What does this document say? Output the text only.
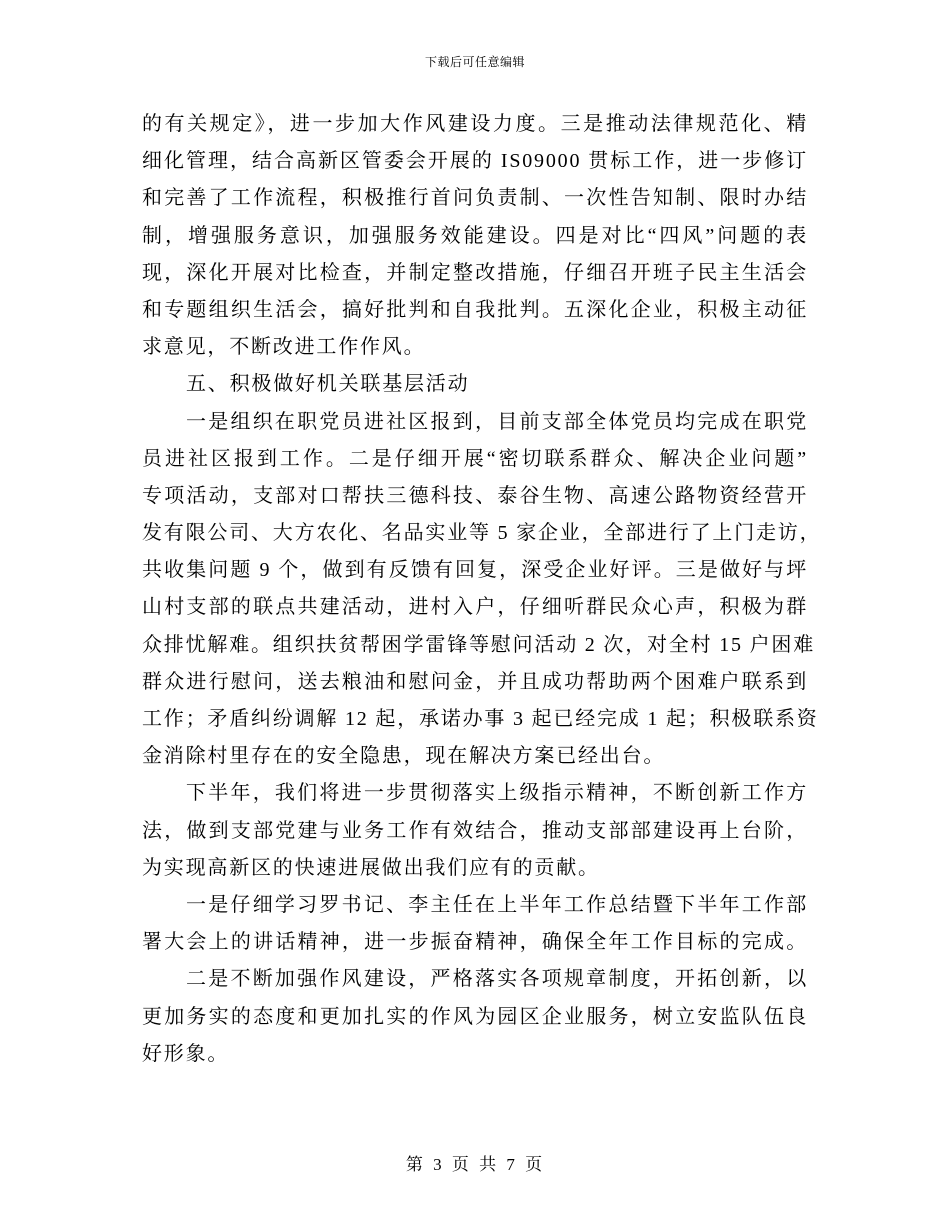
下载后可任意编辑
的有关规定》，进一步加大作风建设力度。三是推动法律规范化、精
细化管理，结合高新区管委会开展的 IS09000 贯标工作，进一步修订
和完善了工作流程，积极推行首问负责制、一次性告知制、限时办结
制，增强服务意识，加强服务效能建设。四是对比“四风”问题的表
现，深化开展对比检查，并制定整改措施，仔细召开班子民主生活会
和专题组织生活会，搞好批判和自我批判。五深化企业，积极主动征
求意见，不断改进工作作风。
五、积极做好机关联基层活动
一是组织在职党员进社区报到，目前支部全体党员均完成在职党
员进社区报到工作。二是仔细开展“密切联系群众、解决企业问题”
专项活动，支部对口帮扶三德科技、泰谷生物、高速公路物资经营开
发有限公司、大方农化、名品实业等 5 家企业，全部进行了上门走访，
共收集问题 9 个，做到有反馈有回复，深受企业好评。三是做好与坪
山村支部的联点共建活动，进村入户，仔细听群民众心声，积极为群
众排忧解难。组织扶贫帮困学雷锋等慰问活动 2 次，对全村 15 户困难
群众进行慰问，送去粮油和慰问金，并且成功帮助两个困难户联系到
工作；矛盾纠纷调解 12 起，承诺办事 3 起已经完成 1 起；积极联系资
金消除村里存在的安全隐患，现在解决方案已经出台。
下半年，我们将进一步贯彻落实上级指示精神，不断创新工作方
法，做到支部党建与业务工作有效结合，推动支部部建设再上台阶，
为实现高新区的快速进展做出我们应有的贡献。
一是仔细学习罗书记、李主任在上半年工作总结暨下半年工作部
署大会上的讲话精神，进一步振奋精神，确保全年工作目标的完成。
二是不断加强作风建设，严格落实各项规章制度，开拓创新，以
更加务实的态度和更加扎实的作风为园区企业服务，树立安监队伍良
好形象。
第 3 页 共 7 页
